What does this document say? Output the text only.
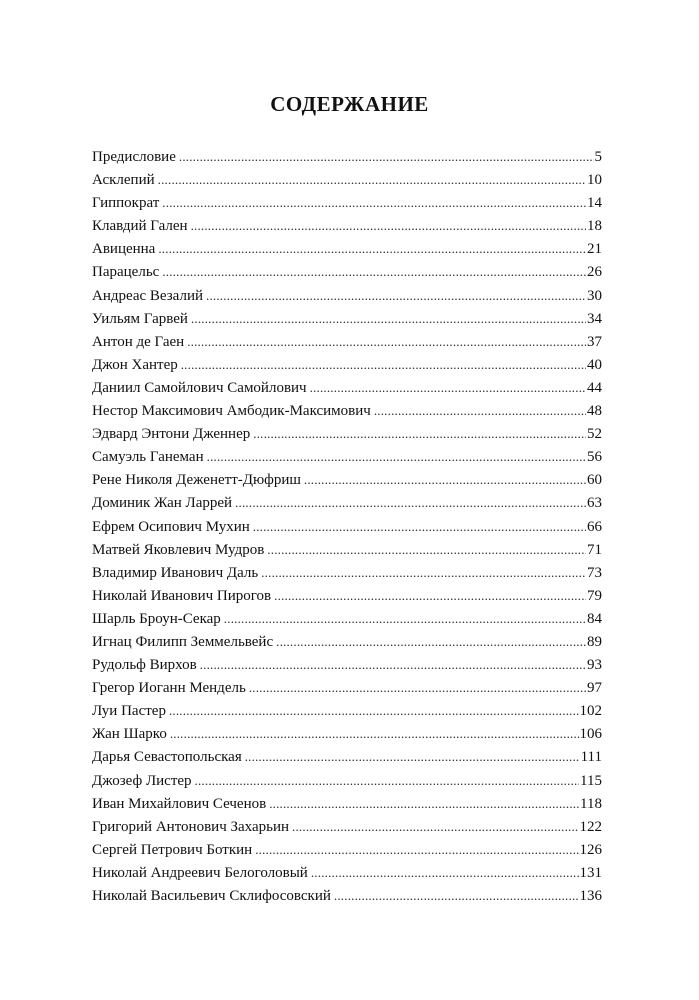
СОДЕРЖАНИЕ
Предисловие .....	5
Асклепий .....	10
Гиппократ .....	14
Клавдий Гален .....	18
Авиценна .....	21
Парацельс .....	26
Андреас Везалий .....	30
Уильям Гарвей .....	34
Антон де Гаен .....	37
Джон Хантер .....	40
Даниил Самойлович Самойлович .....	44
Нестор Максимович Амбодик-Максимович .....	48
Эдвард Энтони Дженнер .....	52
Самуэль Ганеман .....	56
Рене Николя Деженетт-Дюфриш .....	60
Доминик Жан Ларрей .....	63
Ефрем Осипович Мухин .....	66
Матвей Яковлевич Мудров .....	71
Владимир Иванович Даль .....	73
Николай Иванович Пирогов .....	79
Шарль Броун-Секар .....	84
Игнац Филипп Земмельвейс .....	89
Рудольф Вирхов .....	93
Грегор Иоганн Мендель .....	97
Луи Пастер .....	102
Жан Шарко .....	106
Дарья Севастопольская .....	111
Джозеф Листер .....	115
Иван Михайлович Сеченов .....	118
Григорий Антонович Захарьин .....	122
Сергей Петрович Боткин .....	126
Николай Андреевич Белоголовый .....	131
Николай Васильевич Склифосовский .....	136
